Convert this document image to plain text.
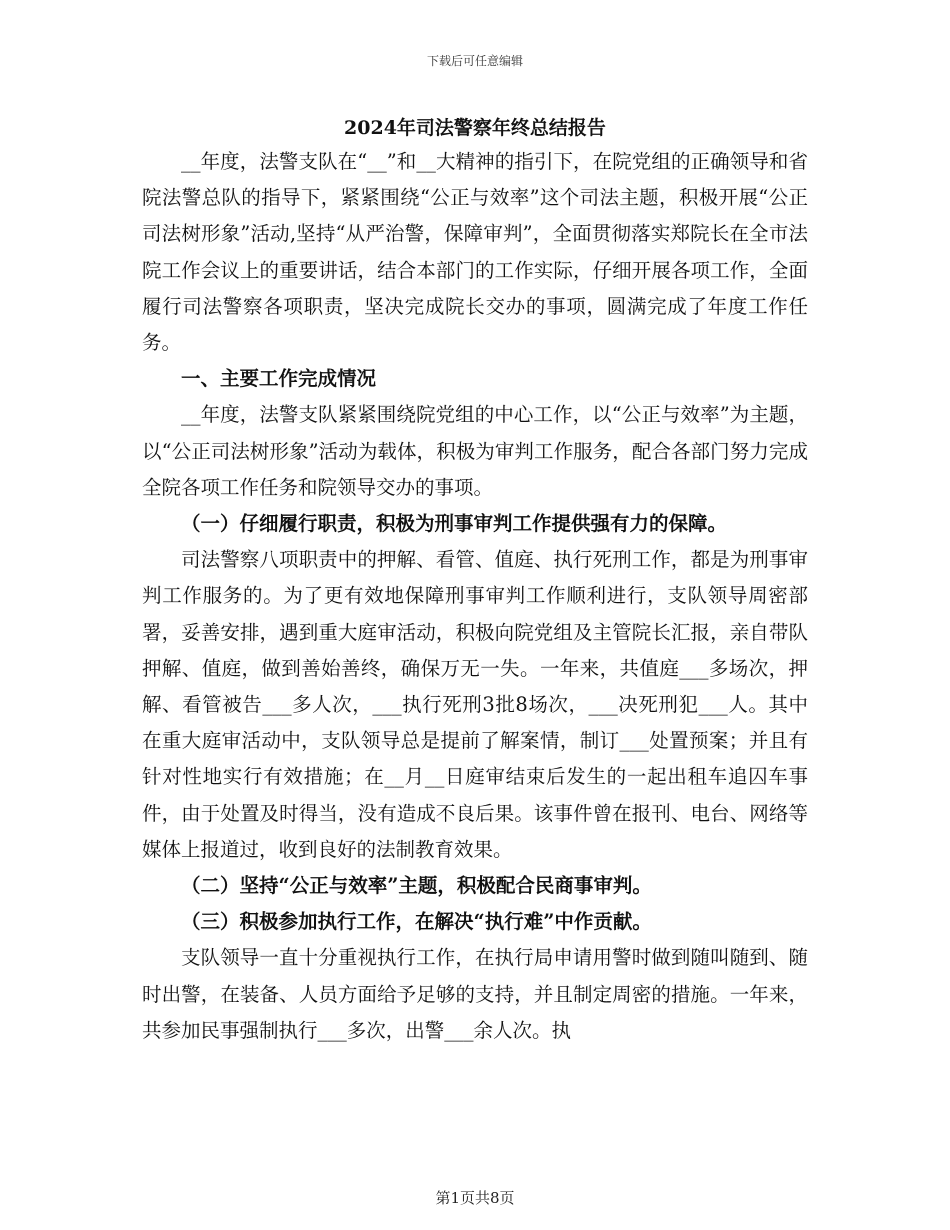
下载后可任意编辑
2024年司法警察年终总结报告

__年度，法警支队在“__”和__大精神的指引下，在院党组的正确领导和省院法警总队的指导下，紧紧围绕“公正与效率”这个司法主题，积极开展“公正司法树形象”活动,坚持“从严治警，保障审判”，全面贯彻落实郑院长在全市法院工作会议上的重要讲话，结合本部门的工作实际，仔细开展各项工作，全面履行司法警察各项职责，坚决完成院长交办的事项，圆满完成了年度工作任务。

一、主要工作完成情况

__年度，法警支队紧紧围绕院党组的中心工作，以“公正与效率”为主题，以“公正司法树形象”活动为载体，积极为审判工作服务，配合各部门努力完成全院各项工作任务和院领导交办的事项。

（一）仔细履行职责，积极为刑事审判工作提供强有力的保障。

司法警察八项职责中的押解、看管、值庭、执行死刑工作，都是为刑事审判工作服务的。为了更有效地保障刑事审判工作顺利进行，支队领导周密部署，妥善安排，遇到重大庭审活动，积极向院党组及主管院长汇报，亲自带队押解、值庭，做到善始善终，确保万无一失。一年来，共值庭___多场次，押解、看管被告___多人次，___执行死刑3批8场次，___决死刑犯___人。其中在重大庭审活动中，支队领导总是提前了解案情，制订___处置预案；并且有针对性地实行有效措施；在__月__日庭审结束后发生的一起出租车追囚车事件，由于处置及时得当，没有造成不良后果。该事件曾在报刊、电台、网络等媒体上报道过，收到良好的法制教育效果。

（二）坚持“公正与效率”主题，积极配合民商事审判。

（三）积极参加执行工作，在解决“执行难”中作贡献。

支队领导一直十分重视执行工作，在执行局申请用警时做到随叫随到、随时出警，在装备、人员方面给予足够的支持，并且制定周密的措施。一年来，共参加民事强制执行___多次，出警___余人次。执

第1页共8页
